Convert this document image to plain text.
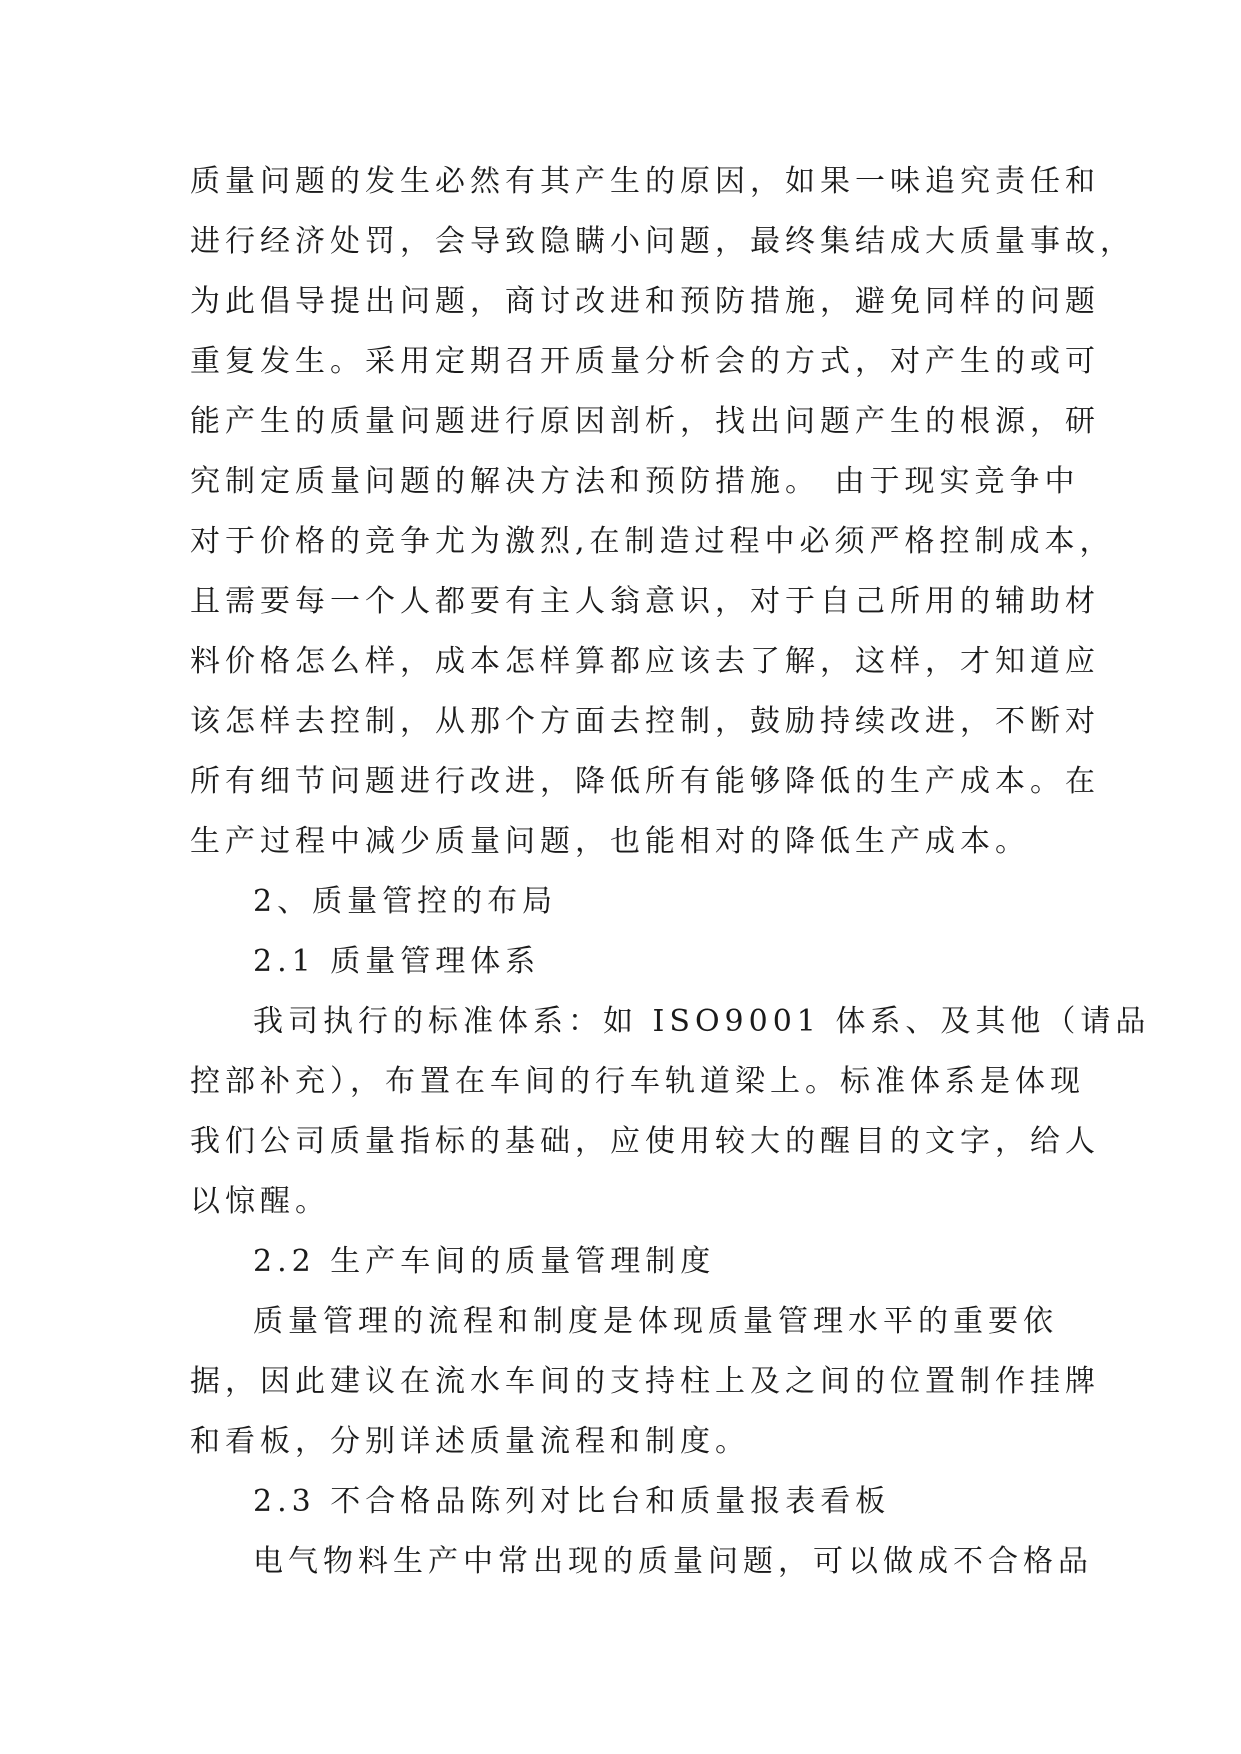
质量问题的发生必然有其产生的原因，如果一味追究责任和
进行经济处罚，会导致隐瞒小问题，最终集结成大质量事故，
为此倡导提出问题，商讨改进和预防措施，避免同样的问题
重复发生。采用定期召开质量分析会的方式，对产生的或可
能产生的质量问题进行原因剖析，找出问题产生的根源，研
究制定质量问题的解决方法和预防措施。 由于现实竞争中
对于价格的竞争尤为激烈,在制造过程中必须严格控制成本，
且需要每一个人都要有主人翁意识，对于自己所用的辅助材
料价格怎么样，成本怎样算都应该去了解，这样，才知道应
该怎样去控制，从那个方面去控制，鼓励持续改进，不断对
所有细节问题进行改进，降低所有能够降低的生产成本。在
生产过程中减少质量问题，也能相对的降低生产成本。
2、质量管控的布局
2.1 质量管理体系
我司执行的标准体系：如 ISO9001 体系、及其他（请品
控部补充），布置在车间的行车轨道梁上。标准体系是体现
我们公司质量指标的基础，应使用较大的醒目的文字，给人
以惊醒。
2.2 生产车间的质量管理制度
质量管理的流程和制度是体现质量管理水平的重要依
据，因此建议在流水车间的支持柱上及之间的位置制作挂牌
和看板，分别详述质量流程和制度。
2.3 不合格品陈列对比台和质量报表看板
电气物料生产中常出现的质量问题，可以做成不合格品
